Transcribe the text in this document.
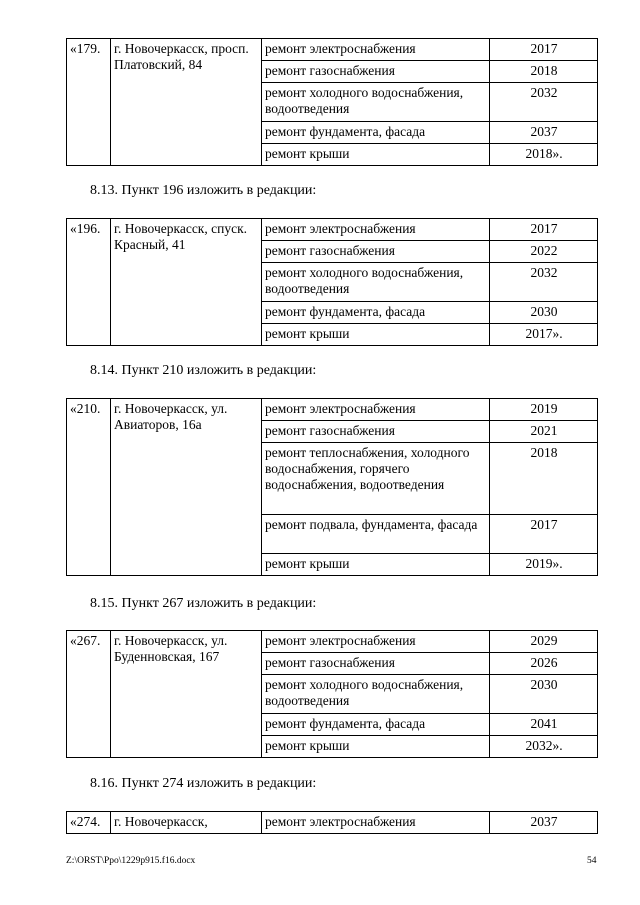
«179.	г. Новочеркасск, просп. Платовский, 84	ремонт электроснабжения	2017
		ремонт газоснабжения	2018
		ремонт холодного водоснабжения, водоотведения	2032
		ремонт фундамента, фасада	2037
		ремонт крыши	2018».
8.13. Пункт 196 изложить в редакции:
«196.	г. Новочеркасск, спуск. Красный, 41	ремонт электроснабжения	2017
		ремонт газоснабжения	2022
		ремонт холодного водоснабжения, водоотведения	2032
		ремонт фундамента, фасада	2030
		ремонт крыши	2017».
8.14. Пункт 210 изложить в редакции:
«210.	г. Новочеркасск, ул. Авиаторов, 16а	ремонт электроснабжения	2019
		ремонт газоснабжения	2021
		ремонт теплоснабжения, холодного водоснабжения, горячего водоснабжения, водоотведения	2018
		ремонт подвала, фундамента, фасада	2017
		ремонт крыши	2019».
8.15. Пункт 267 изложить в редакции:
«267.	г. Новочеркасск, ул. Буденновская, 167	ремонт электроснабжения	2029
		ремонт газоснабжения	2026
		ремонт холодного водоснабжения, водоотведения	2030
		ремонт фундамента, фасада	2041
		ремонт крыши	2032».
8.16. Пункт 274 изложить в редакции:
«274.	г. Новочеркасск,	ремонт электроснабжения	2037
Z:\ORST\Ppo\1229p915.f16.docx	54
